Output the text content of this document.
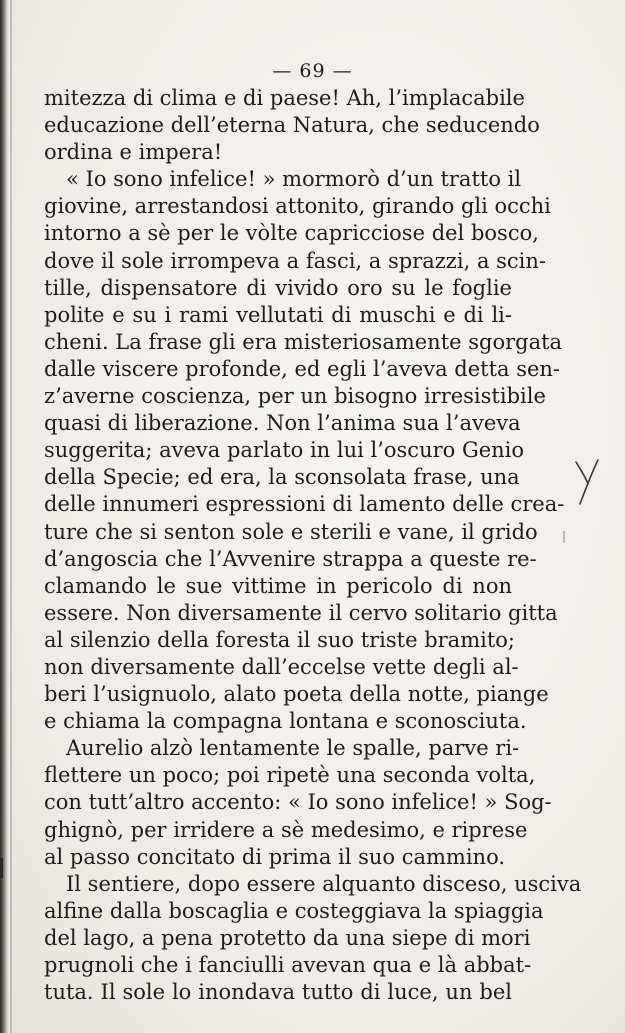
— 69 —
mitezza di clima e di paese! Ah, l’implacabile
educazione dell’eterna Natura, che seducendo
ordina e impera!
« Io sono infelice! » mormorò d’un tratto il
giovine, arrestandosi attonito, girando gli occhi
intorno a sè per le vòlte capricciose del bosco,
dove il sole irrompeva a fasci, a sprazzi, a scin-
tille, dispensatore di vivido oro su le foglie
polite e su i rami vellutati di muschi e di li-
cheni. La frase gli era misteriosamente sgorgata
dalle viscere profonde, ed egli l’aveva detta sen-
z’averne coscienza, per un bisogno irresistibile
quasi di liberazione. Non l’anima sua l’aveva
suggerita; aveva parlato in lui l’oscuro Genio
della Specie; ed era, la sconsolata frase, una
delle innumeri espressioni di lamento delle crea-
ture che si senton sole e sterili e vane, il grido
d’angoscia che l’Avvenire strappa a queste re-
clamando le sue vittime in pericolo di non
essere. Non diversamente il cervo solitario gitta
al silenzio della foresta il suo triste bramito;
non diversamente dall’eccelse vette degli al-
beri l’usignuolo, alato poeta della notte, piange
e chiama la compagna lontana e sconosciuta.
Aurelio alzò lentamente le spalle, parve ri-
flettere un poco; poi ripetè una seconda volta,
con tutt’altro accento: « Io sono infelice! » Sog-
ghignò, per irridere a sè medesimo, e riprese
al passo concitato di prima il suo cammino.
Il sentiere, dopo essere alquanto disceso, usciva
alfine dalla boscaglia e costeggiava la spiaggia
del lago, a pena protetto da una siepe di mori
prugnoli che i fanciulli avevan qua e là abbat-
tuta. Il sole lo inondava tutto di luce, un bel
